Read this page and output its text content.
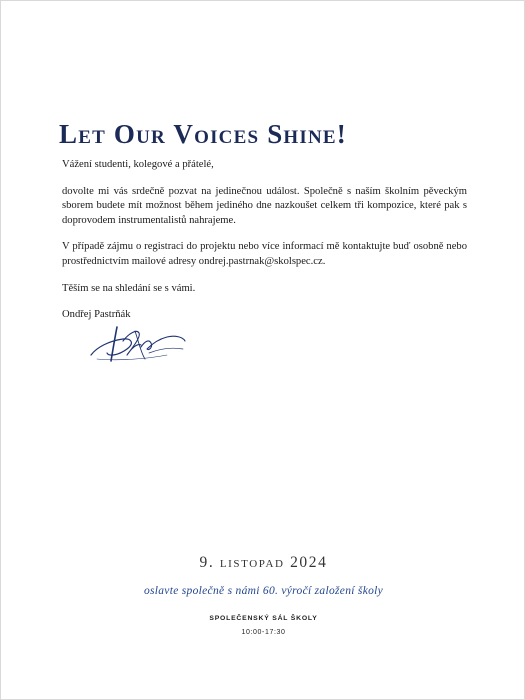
Let Our Voices Shine!

Vážení studenti, kolegové a přátelé,

dovolte mi vás srdečně pozvat na jedinečnou událost. Společně s naším školním pěveckým sborem budete mít možnost během jediného dne nazkoušet celkem tři kompozice, které pak s doprovodem instrumentalistů nahrajeme.

V případě zájmu o registraci do projektu nebo více informací mě kontaktujte buď osobně nebo prostřednictvím mailové adresy ondrej.pastrnak@skolspec.cz.

Těším se na shledání se s vámi.

Ondřej Pastrňák

9. listopad 2024
oslavte společně s námi 60. výročí založení školy
SPOLEČENSKÝ SÁL ŠKOLY
10:00-17:30
